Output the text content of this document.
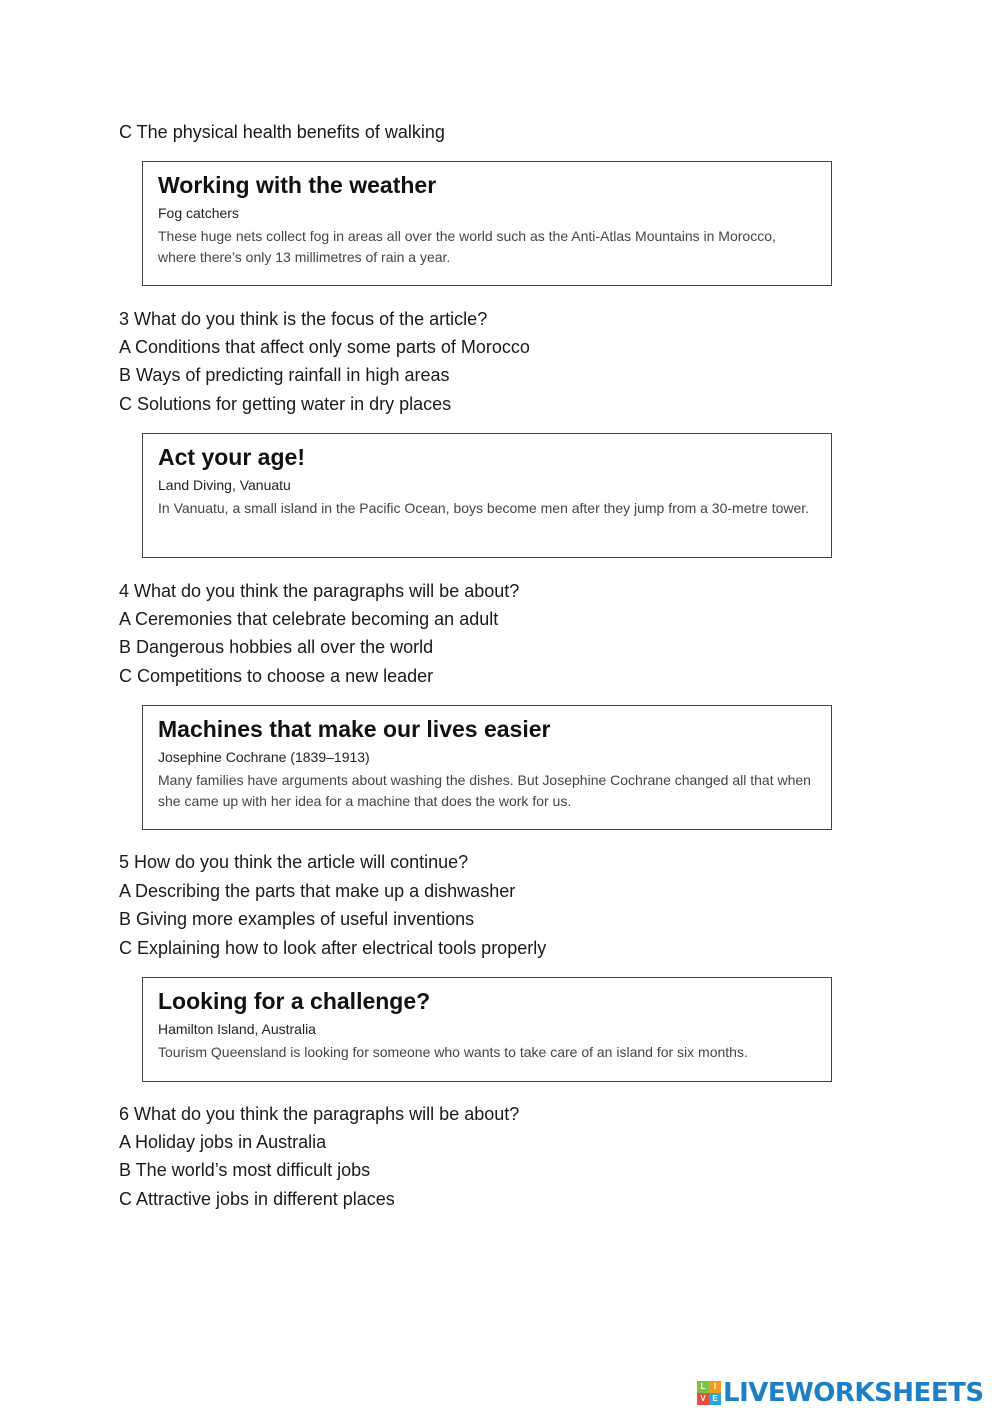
C The physical health benefits of walking
Working with the weather
Fog catchers
These huge nets collect fog in areas all over the world such as the Anti-Atlas Mountains in Morocco, where there’s only 13 millimetres of rain a year.
3 What do you think is the focus of the article?
A Conditions that affect only some parts of Morocco
B Ways of predicting rainfall in high areas
C Solutions for getting water in dry places
Act your age!
Land Diving, Vanuatu
In Vanuatu, a small island in the Pacific Ocean, boys become men after they jump from a 30-metre tower.
4 What do you think the paragraphs will be about?
A Ceremonies that celebrate becoming an adult
B Dangerous hobbies all over the world
C Competitions to choose a new leader
Machines that make our lives easier
Josephine Cochrane (1839–1913)
Many families have arguments about washing the dishes. But Josephine Cochrane changed all that when she came up with her idea for a machine that does the work for us.
5 How do you think the article will continue?
A Describing the parts that make up a dishwasher
B Giving more examples of useful inventions
C Explaining how to look after electrical tools properly
Looking for a challenge?
Hamilton Island, Australia
Tourism Queensland is looking for someone who wants to take care of an island for six months.
6 What do you think the paragraphs will be about?
A Holiday jobs in Australia
B The world’s most difficult jobs
C Attractive jobs in different places
L	I
V E LIVEWORKSHEETS
